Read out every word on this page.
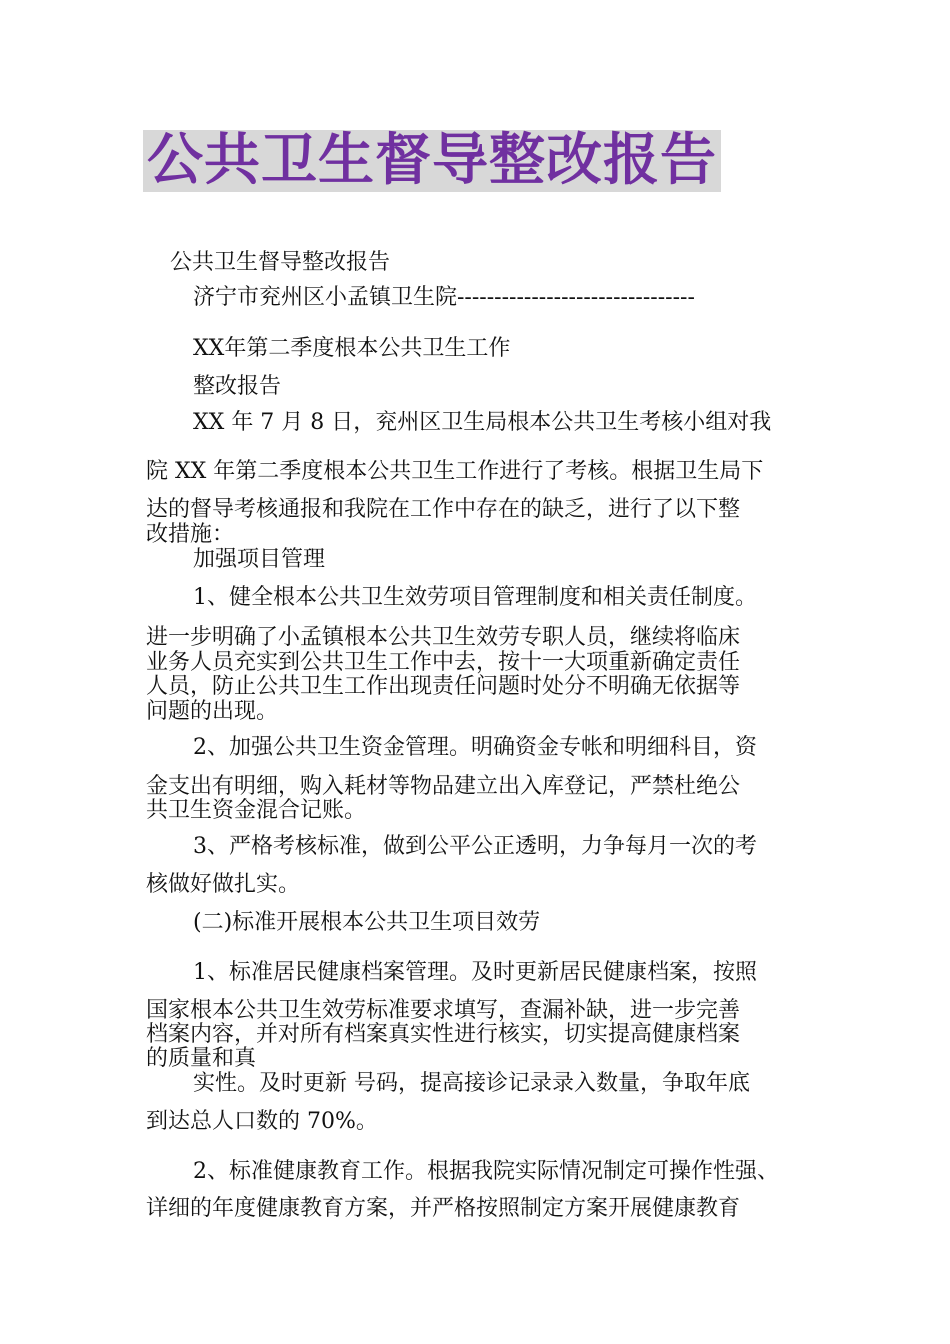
公共卫生督导整改报告
公共卫生督导整改报告
济宁市兖州区小孟镇卫生院--------------------------------
XX年第二季度根本公共卫生工作
整改报告
XX 年 7 月 8 日，兖州区卫生局根本公共卫生考核小组对我
院 XX 年第二季度根本公共卫生工作进行了考核。根据卫生局下
达的督导考核通报和我院在工作中存在的缺乏，进行了以下整
改措施：
加强项目管理
1、健全根本公共卫生效劳项目管理制度和相关责任制度。
进一步明确了小孟镇根本公共卫生效劳专职人员，继续将临床
业务人员充实到公共卫生工作中去，按十一大项重新确定责任
人员，防止公共卫生工作出现责任问题时处分不明确无依据等
问题的出现。
2、加强公共卫生资金管理。明确资金专帐和明细科目，资
金支出有明细，购入耗材等物品建立出入库登记，严禁杜绝公
共卫生资金混合记账。
3、严格考核标准，做到公平公正透明，力争每月一次的考
核做好做扎实。
(二)标准开展根本公共卫生项目效劳
1、标准居民健康档案管理。及时更新居民健康档案，按照
国家根本公共卫生效劳标准要求填写，查漏补缺，进一步完善
档案内容，并对所有档案真实性进行核实，切实提高健康档案
的质量和真
实性。及时更新 号码，提高接诊记录录入数量，争取年底
到达总人口数的 70%。
2、标准健康教育工作。根据我院实际情况制定可操作性强、
详细的年度健康教育方案，并严格按照制定方案开展健康教育
